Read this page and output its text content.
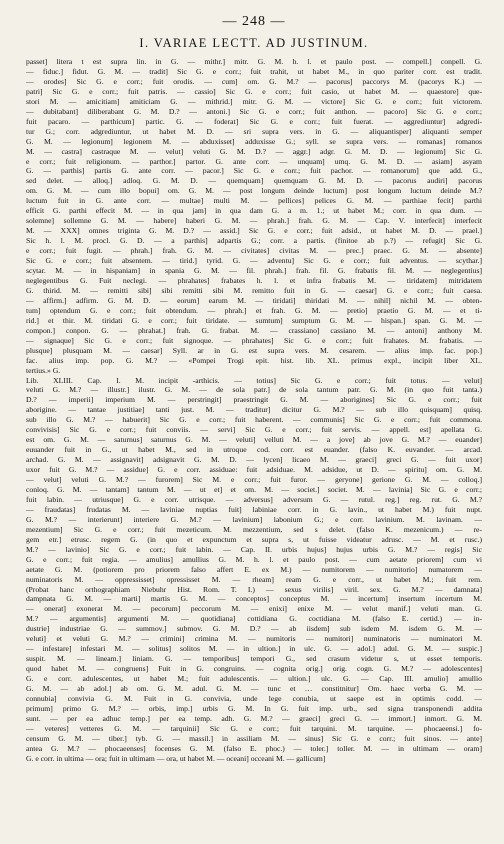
— 248 —
I. VARIAE LECTT. AD JUSTINUM.
passet] litera t est supra lin. in G. — mithr.] mitr. G. M. h. l. et paulo post. — compell.] conpell. G.
— fiduc.] fidut. G. M. — tradit] Sic G. e corr.; fuit trahit, ut habet M., in quo pariter corr. est tradit.
— orodes] Sic G. e corr.; fuit orodis. — cum] om. G. M.? — pacorus] paccorys M. (pacorys K.) —
patri] Sic G. e corr.; fuit patris. — cassio] Sic G. e corr.; fuit casio, ut habet M. — quaestore] que-
stori M. — amicitiam] amiticiam G. — mithrid.] mitr. G. M. — victore] Sic G. e corr.; fuit victorem.
— dubitabant] diliberabant G. M. D.? — antoni.] Sic G. e corr.; fuit anthon. — pacoro] Sic G. e corr.;
fuit pacaro. — parthicum] partic. G. — foderat] Sic G. e corr.; fuit fuerat. — aggrediuntur] adgredi-
tur G.; corr. adgrediuntur, ut habet M. D. — sri supra vers. in G. — aliquantisper] aliquanti semper
G. M. — legionum] legionem M. — abduxisset] adduxisse G.; syll. se supra vers. — romanas] romanos
M. — castra] castraque M. — velut] veluti G. M. D.? — aggr.] adgr. G. M. D. — legionum] Sic G.
e corr.; fuit religionum. — parthor.] partor. G. ante corr. — unquam] umq. G. M. D. — asiam] asyam
G. — parthis] partis G. ante corr. — pacor.] Sic G. e corr.; fuit pachor. — romanorum] que add. G.,
sed delet. — alloq.] adloq. G. M. D. — quemquam] quemquam G. M. D. — pacorus audiri] pacorus
om. G. M. — cum illo bopui] om. G. M. — post longum deinde luctum] post longum luctum deinde M.?
luctum fuit in G. ante corr. — multae] multi M. — pellices] pelices G. M. — parthiae fecit] parthi
efficit G. parthi effecit M. — in qua jam] in qua dam G. a m. 1.; ut habet M.; corr. in qua dum. —
solemne] sollemne G. M. — habere] haberi G. M. — phrah.] frah. G. M. — Cap. V. interfecit] interfecit
M. — XXX] omnes triginta G. M. D.? — assid.] Sic G. e corr.; fuit adsid., ut habet M. D. — prael.]
Sic h. l. M. procl. G. D. — a parthis] adpartis G.; corr. a partis. (finitoe ab p.?) — refugit] Sic G.
e corr.; fuit fugit. — phrah.] frah. G. M. — civitates] civitas M. — prec.] praec. G. M. — absente]
Sic G. e corr.; fuit absentem. — tirid.] tyrid. G. — adventu] Sic G. e corr.; fuit adventus. — scythar.]
scytar. M. — in hispaniam] in spania G. M. — fil. phrah.] frah. fil. G. frabatis fil. M. — neglegentius]
neglegentibus G. Fuit neclegi. — phrahates] frabates h. l. et infra frabatis M. — tiridatem] mitridatem
G. thirid. M. — remitti sibi] sibi remitti sibi M. remitto fuit in G. — caesar] G. e corr.; fuit caesa.
— affirm.] adfirm. G. M. D. — eorum] earum M. — tiridati] thiridati M. — nihil] nichil M. — obten-
tum] optendum G. e corr.; fuit obtendum. — phrah.] et frah. G. M. — pretio] praetio G. M. — et ti-
rid.] et thir. M. tiridati G. e corr.; fuit tiridate. — sumtum] sumptum G. M. — hispan.] span. G. M. —
compon.] conpon. G. — phrahat.] frah. G. frabat. M. — crassiano] cassiano M. — antoni] anthony M.
— signaque] Sic G. e corr.; fuit signoque. — phrahates] Sic G. e corr.; fuit frahates. M. frabatis. —
plusque] plusquam M. — caesar] Syll. ar in G. est supra vers. M. cesarem. — alius imp. fac. pop.]
fac. alius imp. pop. G. M.? — «Pompei Trogi epit. hist. lib. XL. primus expl., incipit liber XL.
tertius.» G.
Lib. XLIII. Cap. I. M. incipit -arthicis. — totius] Sic G. e corr.; fuit totus. — velut]
veluti G. M.? — illustr.] ilustr. G. M. — de sola patr.] de sola tantum patr. G. M. (in quo fuit tanta.)
D.? — imperii] imperium M. — perstringit] praestringit G. M. — aborigines] Sic G. e corr.; fuit
aborigine. — tantae justitiae] tanti just. M. — traditur] dicitur G. M.? — sub illo quisquam] quisq.
sub illo G. M.? — habuerit] Sic G. e corr.; fuit haberent. — communis] Sic G. e corr.; fuit commona.
convivisis] Sic G. e corr.; fuit conviis. — servi] Sic G. e corr.; fuit servis. — appell. est] apellata G.
est om. G. M. — saturnus] saturnus G. M. — veluti] velluti M. — a jove] ab jove G. M.? — euander]
euuander fuit in G., ut habet M., sed in utroque cod. corr. est euander. (falso K. euvander. — arcad.
archad. G. M. — assignavit] adsignavit G. M. D. — lycen] licaeo M. — graeci] greci G. — fuit uxor]
uxor fuit G. M.? — assidue] G. e corr. assiduae: fuit adsiduae. M. adsidue, ut D. — spiritu] om. G. M.
— velut] veluti G. M.? — furorem] Sic M. e corr.; fuit furor. — geryone] gerione G. M. — colloq.]
conloq. G. M. — tantam] tantum M. — ut et] et om. M. — societ.] societ. M. — lavinia] Sic G. e corr.;
fuit labin. — utriusque] G. e corr. utrisque. — adversus] adversum G. — rutul. reg.] reg. rut. G. M.?
— fraudatas] frudatas M. — laviniae nuptias fuit] labiniae corr. in G. lavin., ut habet M.) fuit nupt.
G. M.? — interierunt] interiere G. M.? — lavinium] labonium G.; e corr. lavinium. M. lavinam. —
mezentium] Sic G. e corr.; fuit mezeticum. M. mezzentium, sed s delet. (falso K. mezenicum.) — re-
gem etr.] etrusc. regem G. (in quo et expunctum et supra s, ut fuisse videatur adrusc. — M. et rusc.)
M.? — lavinio] Sic G. e corr.; fuit labin. — Cap. II. urbis hujus] hujus urbis G. M.? — regis] Sic
G. e corr.; fuit regia. — amulius] amullius G. M. h. l. et paulo post. — cum aetate priorem] cum vi
aetate G. M. (potiorem pro priorem falso affert E. ex M.) — numitorem — numitorio] numatorem —
numinatoris M. — oppressisset] opressisset M. — rheam] ream G. e corr., ut habet M.; fuit rem.
(Probat hanc orthographiam Niebuhr Hist. Rom. T. I.) — sexus virilis] viril. sex. G. M.? — damnata]
dampnata G. M. — marti] martis G. M. — conceptos] conceptus M. — incertum] insertum incertum M.
— onerat] exonerat M. — pecorum] peccorum M. — enixi] enixe M. — velut manif.] veluti man. G.
M.? — argumentis] argumenti M. — quotidiana] cottidiana G. coctidiana M. (falso E. certid.) — in-
dustrie] industriae G. — summov.] submov. G. M. D.? — ab iisdem] sub isdem M. isdem G. M. —
veluti] et veluti G. M.? — crimini] crimina M. — numitoris — numitori] numinatoris — numinatori M.
— infestare] infestari M. — solitus] solitos M. — in ultion.] in ulc. G. — adol.] adul. G. M. — suspic.]
suspit. M. — lineam.] liniam. G. — temporibus] tempori G., sed crasum videtur s, ut esset temporis.
quod habet M. — congruens] Fuit in G. congruins. — cognita orig.] orig. cogn. G. M.? — adolescentes]
G. e corr. adulescentes, ut habet M.; fuit adulescentis. — ultion.] ulc. G. — Cap. III. amulio] amullio
G. M. — ab adol.] ab om. G. M. adul. G. M. — tunc et … constitnitur] Om. haec verba G. M. —
connubia] convivia G. M. Fuit in G. convivia, unde lege conubia, ut saepe est in optimis codd. —
primum] primo G. M.? — orbis, imp.] urbis G. M. In G. fuit imp. urb., sed signa transponendi addita
sunt. — per ea adhuc temp.] per ea temp. adh. G. M.? — graeci] greci G. — immort.] inmort. G. M.
— veteres] vetteres G. M. — tarquinii] Sic G. e corr.; fuit tarquini. M. tarquine. — phocaeensi.] fo-
censum G. M. — tiber.] tyb. G. — massil.] in assiliam M. — sinus] Sic G. e corr.; fuit sinos. — ante]
antea G. M.? — phocaeenses] focenses G. M. (falso E. phoc.) — toler.] toller. M. — in ultimam — oram]
G. e corr. in ultima — ora; fuit in ultimam — ora, ut habet M. — oceani] occeani M. — gallicum]
